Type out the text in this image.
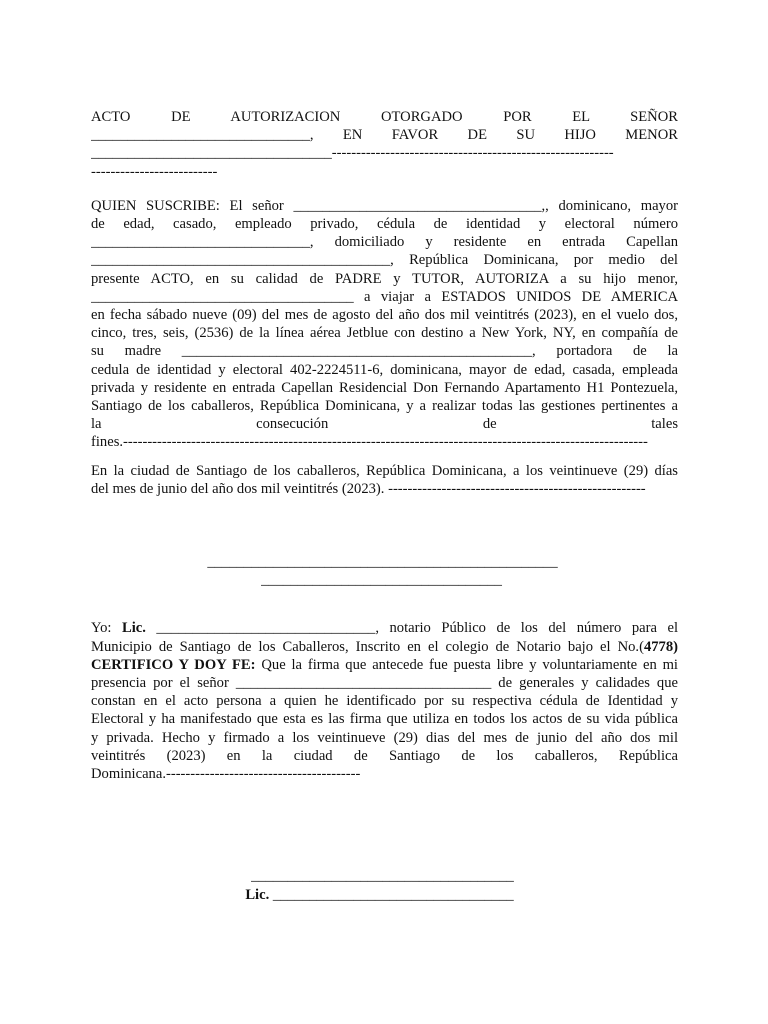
ACTO DE AUTORIZACION OTORGADO POR EL SEÑOR
______________________________, EN FAVOR DE SU HIJO MENOR
_________________________________----------------------------------------------------------
--------------------------
QUIEN SUSCRIBE: El señor __________________________________,, dominicano, mayor
de edad, casado, empleado privado, cédula de identidad y electoral número
______________________________, domiciliado y residente en entrada Capellan
_________________________________________, República Dominicana, por medio del
presente ACTO, en su calidad de PADRE y TUTOR, AUTORIZA a su hijo menor,
____________________________________ a viajar a ESTADOS UNIDOS DE AMERICA
en fecha sábado nueve (09) del mes de agosto del año dos mil veintitrés (2023), en el vuelo dos,
cinco, tres, seis, (2536) de la línea aérea Jetblue con destino a New York, NY, en compañía de
su madre ________________________________________________, portadora de la
cedula de identidad y electoral 402-2224511-6, dominicana, mayor de edad, casada, empleada
privada y residente en entrada Capellan Residencial Don Fernando Apartamento H1 Pontezuela,
Santiago de los caballeros, República Dominicana, y a realizar todas las gestiones pertinentes a
la consecución de tales
fines.------------------------------------------------------------------------------------------------------------
En la ciudad de Santiago de los caballeros, República Dominicana, a los veintinueve (29) días
del mes de junio del año dos mil veintitrés (2023). -----------------------------------------------------
________________________________________________
_________________________________
Yo: Lic. ______________________________, notario Público de los del número para el
Municipio de Santiago de los Caballeros, Inscrito en el colegio de Notario bajo el No.(4778)
CERTIFICO Y DOY FE: Que la firma que antecede fue puesta libre y voluntariamente en mi
presencia por el señor ___________________________________ de generales y calidades que
constan en el acto persona a quien he identificado por su respectiva cédula de Identidad y
Electoral y ha manifestado que esta es las firma que utiliza en todos los actos de su vida pública
y privada. Hecho y firmado a los veintinueve (29) dias del mes de junio del año dos mil
veintitrés (2023) en la ciudad de Santiago de los caballeros, República
Dominicana.----------------------------------------
____________________________________
Lic. _________________________________
